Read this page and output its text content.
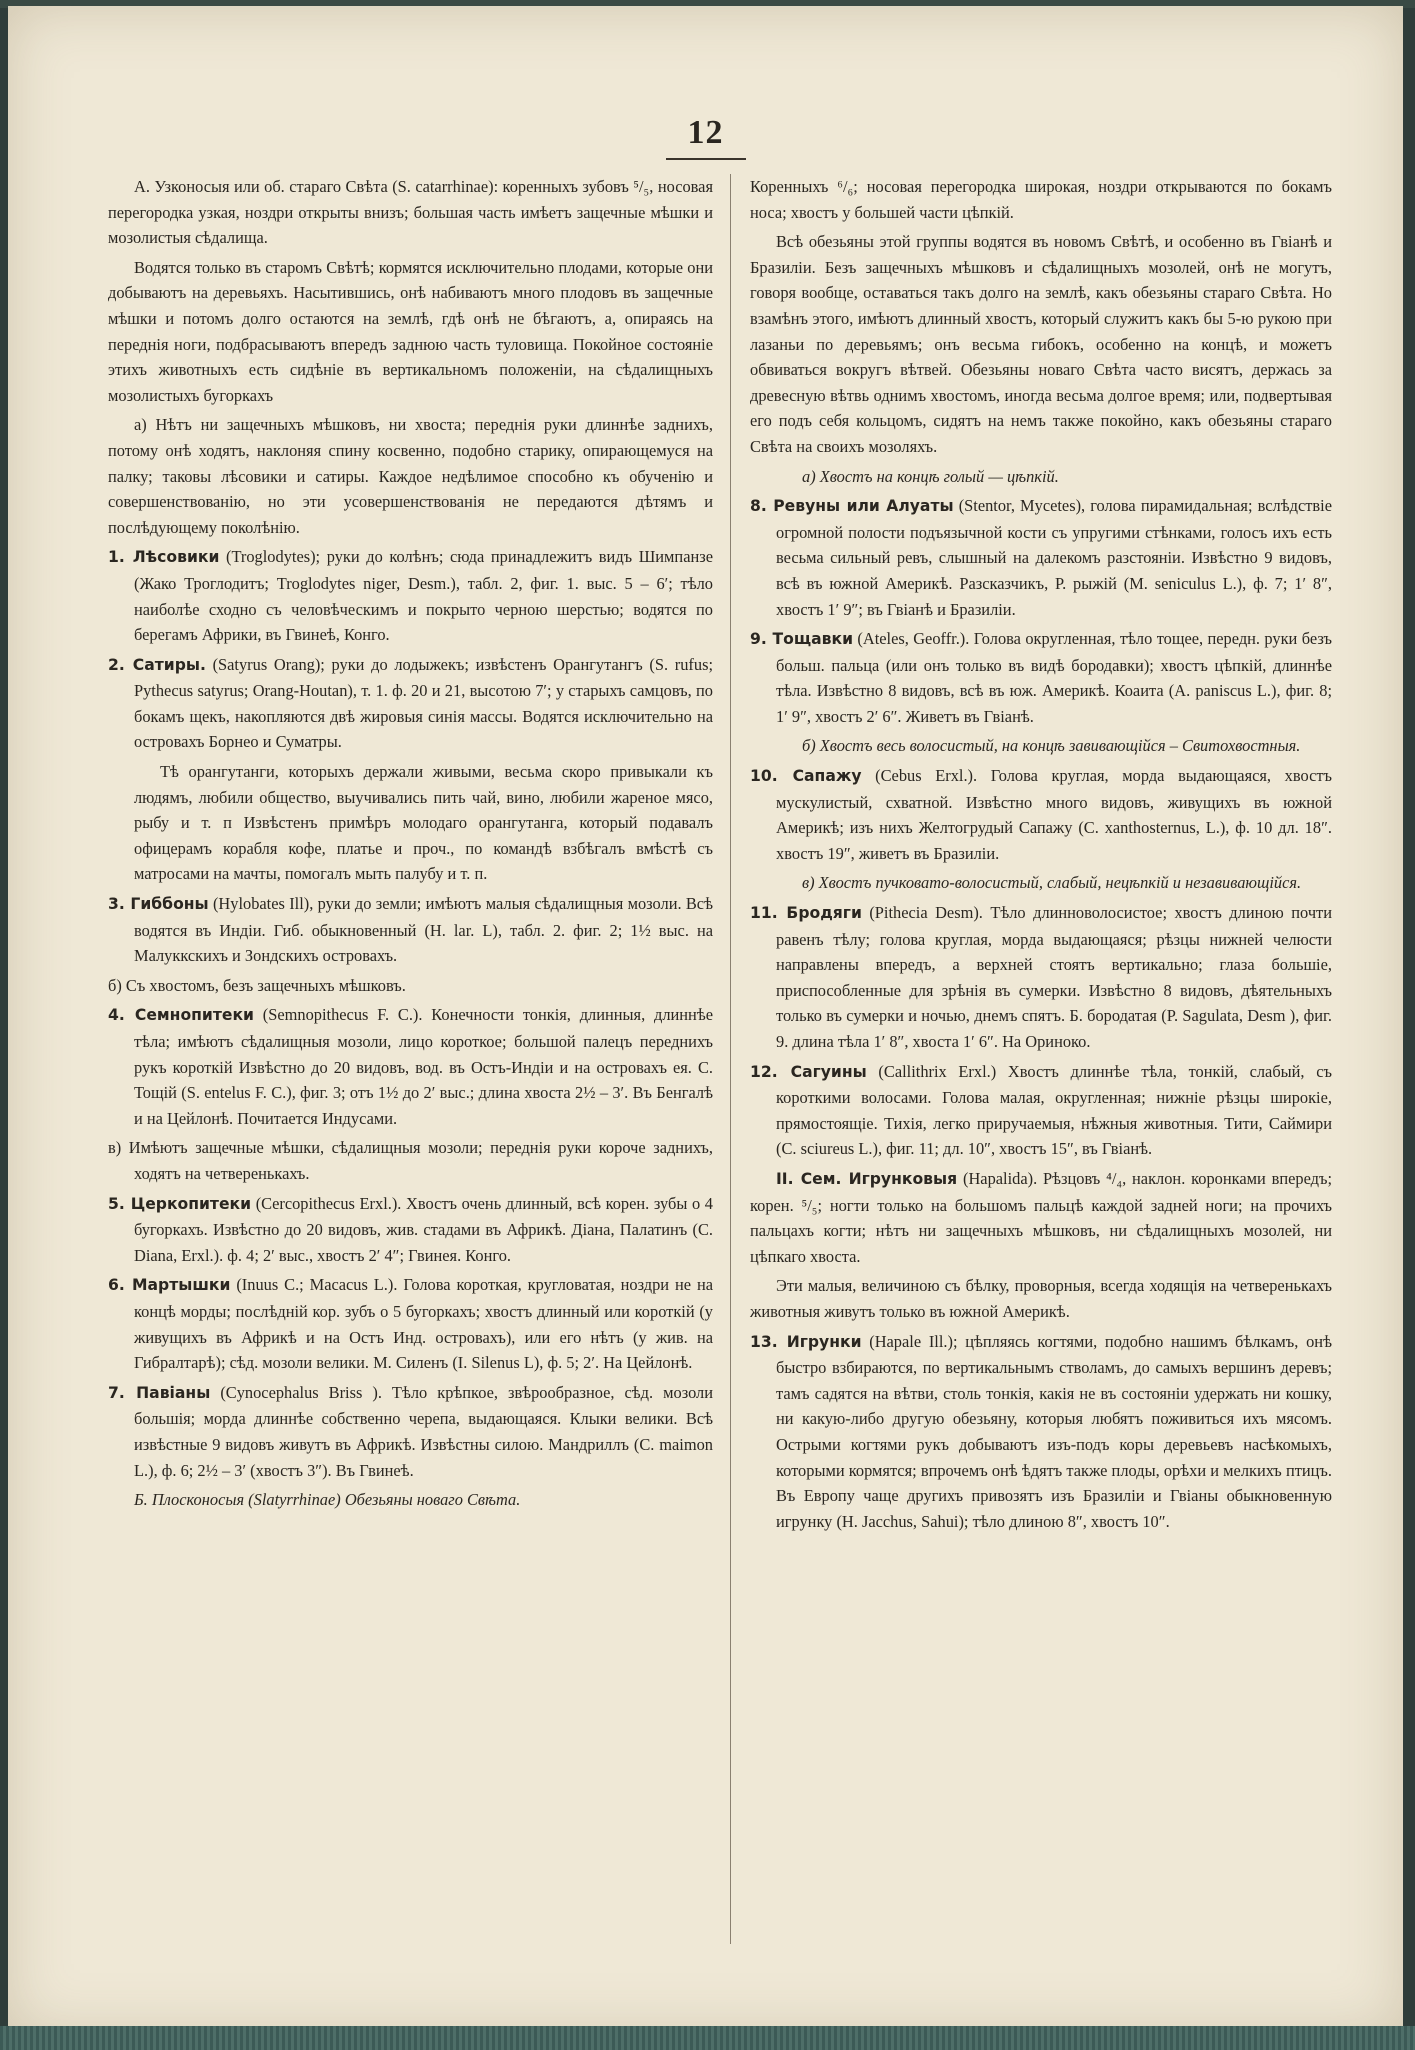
12

А. Узконосыя или об. стараго Свѣта (S. catarrhinae): коренныхъ зубовъ ⁵/₅, носовая перегородка узкая, ноздри открыты внизъ; большая часть имѣетъ защечные мѣшки и мозолистыя сѣдалища.

Водятся только въ старомъ Свѣтѣ; кормятся исключительно плодами, которые они добываютъ на деревьяхъ. Насытившись, онѣ набиваютъ много плодовъ въ защечные мѣшки и потомъ долго остаются на землѣ, гдѣ онѣ не бѣгаютъ, а, опираясь на переднія ноги, подбрасываютъ впередъ заднюю часть туловища. Покойное состояніе этихъ животныхъ есть сидѣніе въ вертикальномъ положеніи, на сѣдалищныхъ мозолистыхъ бугоркахъ

а) Нѣтъ ни защечныхъ мѣшковъ, ни хвоста; переднія руки длиннѣе заднихъ, потому онѣ ходятъ, наклоняя спину косвенно, подобно старику, опирающемуся на палку; таковы лѣсовики и сатиры. Каждое недѣлимое способно къ обученію и совершенствованію, но эти усовершенствованія не передаются дѣтямъ и послѣдующему поколѣнію.

1. Лѣсовики (Troglodytes); руки до колѣнъ; сюда принадлежитъ видъ Шимпанзе (Жако Троглодитъ; Troglodytes niger, Desm.), табл. 2, фиг. 1. выс. 5 – 6′; тѣло наиболѣе сходно съ человѣческимъ и покрыто черною шерстью; водятся по берегамъ Африки, въ Гвинеѣ, Конго.
2. Сатиры. (Satyrus Orang); руки до лодыжекъ; извѣстенъ Орангутангъ (S. rufus; Pythecus satyrus; Orang-Houtan), т. 1. ф. 20 и 21, высотою 7′; у старыхъ самцовъ, по бокамъ щекъ, накопляются двѣ жировыя синія массы. Водятся исключительно на островахъ Борнео и Суматры.
Тѣ орангутанги, которыхъ держали живыми, весьма скоро привыкали къ людямъ, любили общество, выучивались пить чай, вино, любили жареное мясо, рыбу и т. п Извѣстенъ примѣръ молодаго орангутанга, который подавалъ офицерамъ корабля кофе, платье и проч., по командѣ взбѣгалъ вмѣстѣ съ матросами на мачты, помогалъ мыть палубу и т. п.
3. Гиббоны (Hylobates Ill), руки до земли; имѣютъ малыя сѣдалищныя мозоли. Всѣ водятся въ Индіи. Гиб. обыкновенный (H. lar. L), табл. 2. фиг. 2; 1½ выс. на Малуккскихъ и Зондскихъ островахъ.
б) Съ хвостомъ, безъ защечныхъ мѣшковъ.
4. Семнопитеки (Semnopithecus F. C.). Конечности тонкія, длинныя, длиннѣе тѣла; имѣютъ сѣдалищныя мозоли, лицо короткое; большой палецъ переднихъ рукъ короткій Извѣстно до 20 видовъ, вод. въ Остъ-Индіи и на островахъ ея. С. Тощій (S. entelus F. C.), фиг. 3; отъ 1½ до 2′ выс.; длина хвоста 2½ – 3′. Въ Бенгалѣ и на Цейлонѣ. Почитается Индусами.
в) Имѣютъ защечные мѣшки, сѣдалищныя мозоли; переднія руки короче заднихъ, ходятъ на четверенькахъ.
5. Церкопитеки (Cercopithecus Erxl.). Хвостъ очень длинный, всѣ корен. зубы о 4 бугоркахъ. Извѣстно до 20 видовъ, жив. стадами въ Африкѣ. Діана, Палатинъ (C. Diana, Erxl.). ф. 4; 2′ выс., хвостъ 2′ 4″; Гвинея. Конго.
6. Мартышки (Inuus C.; Macacus L.). Голова короткая, кругловатая, ноздри не на концѣ морды; послѣдній кор. зубъ о 5 бугоркахъ; хвостъ длинный или короткій (у живущихъ въ Африкѣ и на Остъ Инд. островахъ), или его нѣтъ (у жив. на Гибралтарѣ); сѣд. мозоли велики. М. Силенъ (I. Silenus L), ф. 5; 2′. На Цейлонѣ.
7. Павіаны (Cynocephalus Briss ). Тѣло крѣпкое, звѣрообразное, сѣд. мозоли большія; морда длиннѣе собственно черепа, выдающаяся. Клыки велики. Всѣ извѣстные 9 видовъ живутъ въ Африкѣ. Извѣстны силою. Мандриллъ (C. maimon L.), ф. 6; 2½ – 3′ (хвостъ 3″). Въ Гвинеѣ.

Б. Плосконосыя (Slatyrrhinae) Обезьяны новаго Свѣта.

Коренныхъ ⁶/₆; носовая перегородка широкая, ноздри открываются по бокамъ носа; хвостъ у большей части цѣпкій.

Всѣ обезьяны этой группы водятся въ новомъ Свѣтѣ, и особенно въ Гвіанѣ и Бразиліи. Безъ защечныхъ мѣшковъ и сѣдалищныхъ мозолей, онѣ не могутъ, говоря вообще, оставаться такъ долго на землѣ, какъ обезьяны стараго Свѣта. Но взамѣнъ этого, имѣютъ длинный хвостъ, который служитъ какъ бы 5-ю рукою при лазаньи по деревьямъ; онъ весьма гибокъ, особенно на концѣ, и можетъ обвиваться вокругъ вѣтвей. Обезьяны новаго Свѣта часто висятъ, держась за древесную вѣтвь однимъ хвостомъ, иногда весьма долгое время; или, подвертывая его подъ себя кольцомъ, сидятъ на немъ также покойно, какъ обезьяны стараго Свѣта на своихъ мозоляхъ.

а) Хвостъ на концѣ голый — цѣпкій.
8. Ревуны или Алуаты (Stentor, Mycetes), голова пирамидальная; вслѣдствіе огромной полости подъязычной кости съ упругими стѣнками, голосъ ихъ есть весьма сильный ревъ, слышный на далекомъ разстояніи. Извѣстно 9 видовъ, всѣ въ южной Америкѣ. Разсказчикъ, Р. рыжій (M. seniculus L.), ф. 7; 1′ 8″, хвостъ 1′ 9″; въ Гвіанѣ и Бразиліи.
9. Тощавки (Ateles, Geoffr.). Голова округленная, тѣло тощее, передн. руки безъ больш. пальца (или онъ только въ видѣ бородавки); хвостъ цѣпкій, длиннѣе тѣла. Извѣстно 8 видовъ, всѣ въ юж. Америкѣ. Коаита (A. paniscus L.), фиг. 8; 1′ 9″, хвостъ 2′ 6″. Живетъ въ Гвіанѣ.
б) Хвостъ весь волосистый, на концѣ завивающійся – Свитохвостныя.
10. Сапажу (Cebus Erxl.). Голова круглая, морда выдающаяся, хвостъ мускулистый, схватной. Извѣстно много видовъ, живущихъ въ южной Америкѣ; изъ нихъ Желтогрудый Сапажу (C. xanthosternus, L.), ф. 10 дл. 18″. хвостъ 19″, живетъ въ Бразиліи.
в) Хвостъ пучковато-волосистый, слабый, нецѣпкій и незавивающійся.
11. Бродяги (Pithecia Desm). Тѣло длинноволосистое; хвостъ длиною почти равенъ тѣлу; голова круглая, морда выдающаяся; рѣзцы нижней челюсти направлены впередъ, а верхней стоятъ вертикально; глаза большіе, приспособленные для зрѣнія въ сумерки. Извѣстно 8 видовъ, дѣятельныхъ только въ сумерки и ночью, днемъ спятъ. Б. бородатая (P. Sagulata, Desm ), фиг. 9. длина тѣла 1′ 8″, хвоста 1′ 6″. На Ориноко.
12. Сагуины (Callithrix Erxl.) Хвостъ длиннѣе тѣла, тонкій, слабый, съ короткими волосами. Голова малая, округленная; нижніе рѣзцы широкіе, прямостоящіе. Тихія, легко приручаемыя, нѣжныя животныя. Тити, Саймири (C. sciureus L.), фиг. 11; дл. 10″, хвостъ 15″, въ Гвіанѣ.

II. Сем. Игрунковыя (Hapalida). Рѣзцовъ ⁴/₄, наклон. коронками впередъ; корен. ⁵/₅; ногти только на большомъ пальцѣ каждой задней ноги; на прочихъ пальцахъ когти; нѣтъ ни защечныхъ мѣшковъ, ни сѣдалищныхъ мозолей, ни цѣпкаго хвоста.

Эти малыя, величиною съ бѣлку, проворныя, всегда ходящія на четверенькахъ животныя живутъ только въ южной Америкѣ.

13. Игрунки (Hapale Ill.); цѣпляясь когтями, подобно нашимъ бѣлкамъ, онѣ быстро взбираются, по вертикальнымъ стволамъ, до самыхъ вершинъ деревъ; тамъ садятся на вѣтви, столь тонкія, какія не въ состояніи удержать ни кошку, ни какую-либо другую обезьяну, которыя любятъ поживиться ихъ мясомъ. Острыми когтями рукъ добываютъ изъ-подъ коры деревьевъ насѣкомыхъ, которыми кормятся; впрочемъ онѣ ѣдятъ также плоды, орѣхи и мелкихъ птицъ. Въ Европу чаще другихъ привозятъ изъ Бразиліи и Гвіаны обыкновенную игрунку (H. Jacchus, Sahui); тѣло длиною 8″, хвостъ 10″.
